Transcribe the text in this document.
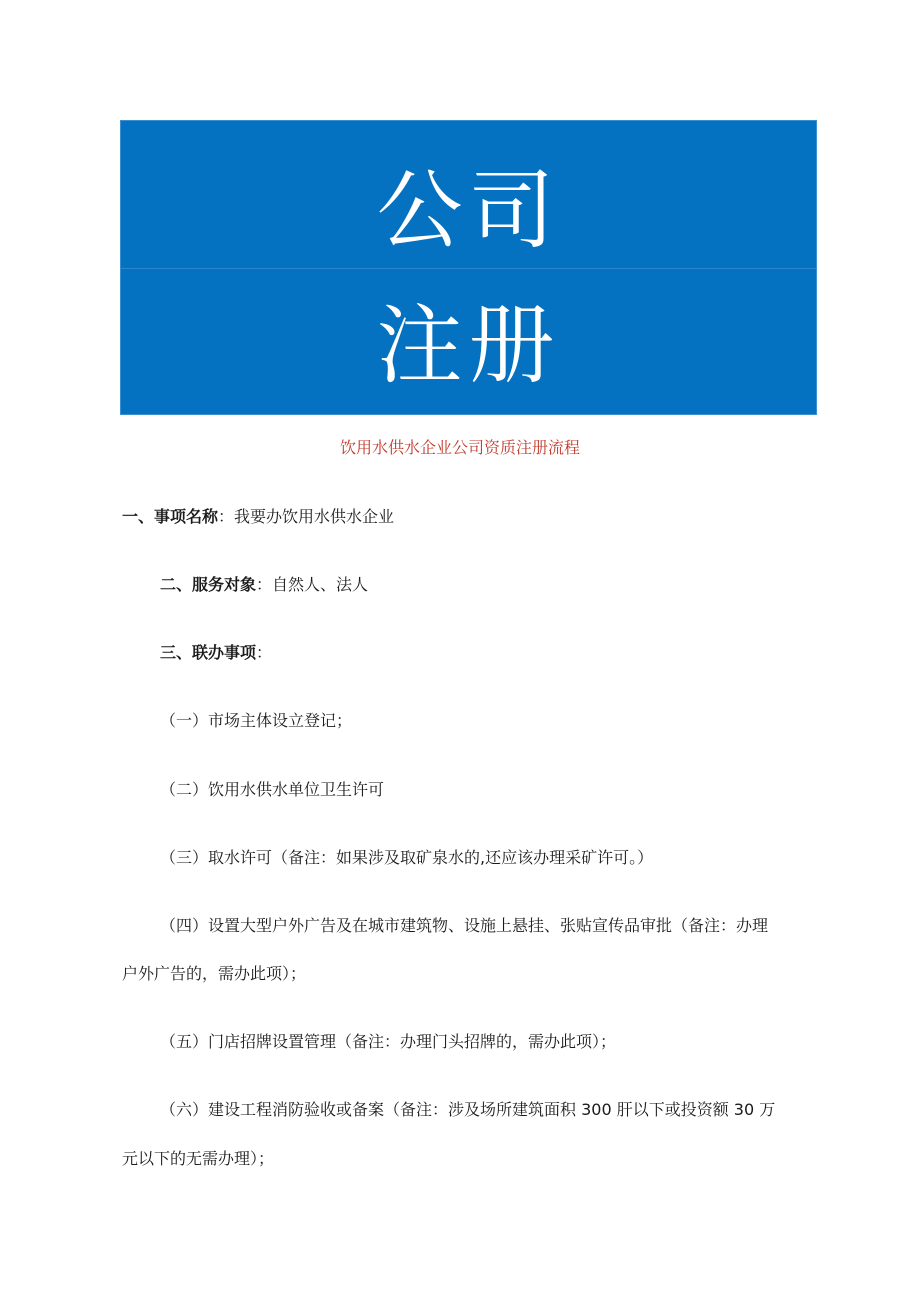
公司
注册
饮用水供水企业公司资质注册流程
一、事项名称：我要办饮用水供水企业
二、服务对象：自然人、法人
三、联办事项：
（一）市场主体设立登记；
（二）饮用水供水单位卫生许可
（三）取水许可（备注：如果涉及取矿泉水的,还应该办理采矿许可。）
（四）设置大型户外广告及在城市建筑物、设施上悬挂、张贴宣传品审批（备注：办理
户外广告的，需办此项）；
（五）门店招牌设置管理（备注：办理门头招牌的，需办此项）；
（六）建设工程消防验收或备案（备注：涉及场所建筑面积 300 肝以下或投资额 30 万
元以下的无需办理）；
